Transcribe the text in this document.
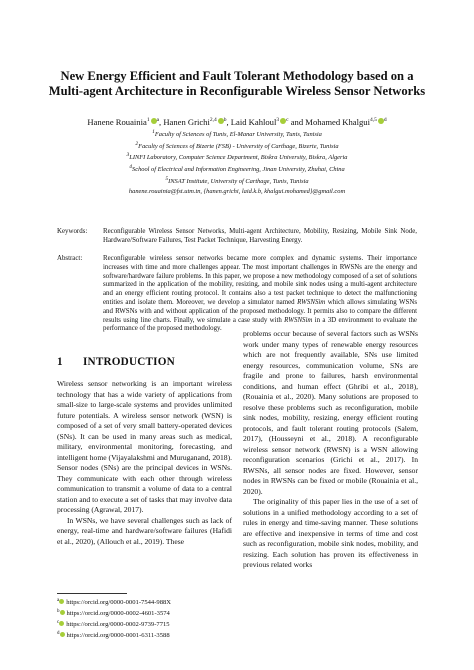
New Energy Efficient and Fault Tolerant Methodology based on a
Multi-agent Architecture in Reconfigurable Wireless Sensor Networks
Hanene Rouainia$^1$ $^a$, Hanen Grichi$^{2,4}$ $^b$, Laid Kahloul$^3$ $^c$ and Mohamed Khalgui$^{4,5}$ $^d$
$^1$Faculty of Sciences of Tunis, El-Manar University, Tunis, Tunisia
$^2$Faculty of Sciences of Bizerte (FSB) - University of Carthage, Bizerte, Tunisia
$^3$LINFI Laboratory, Computer Science Department, Biskra University, Biskra, Algeria
$^4$School of Electrical and Information Engineering, Jinan University, Zhuhai, China
$^5$INSAT Institute, University of Carthage, Tunis, Tunisia
hanene.rouainia@fst.utm.tn, {hanen.grichi, laid.k.b, khalgui.mohamed}@gmail.com
Keywords: Reconfigurable Wireless Sensor Networks, Multi-agent Architecture, Mobility, Resizing, Mobile Sink Node, Hardware/Software Failures, Test Packet Technique, Harvesting Energy.
Abstract:	Reconfigurable wireless sensor networks became more complex and dynamic systems. Their importance increases with time and more challenges appear. The most important challenges in RWSNs are the energy and software/hardware failure problems. In this paper, we propose a new methodology composed of a set of solutions summarized in the application of the mobility, resizing, and mobile sink nodes using a multi-agent architecture and an energy efficient routing protocol. It contains also a test packet technique to detect the malfunctioning entities and isolate them. Moreover, we develop a simulator named RWSNSim which allows simulating WSNs and RWSNs with and without application of the proposed methodology. It permits also to compare the different results using line charts. Finally, we simulate a case study with RWSNSim in a 3D environment to evaluate the performance of the proposed methodology.
1 INTRODUCTION

Wireless sensor networking is an important wireless technology that has a wide variety of applications from small-size to large-scale systems and provides unlimited future potentials. A wireless sensor network (WSN) is composed of a set of very small battery-operated devices (SNs). It can be used in many areas such as medical, military, environmental monitoring, forecasting, and intelligent home (Vijayalakshmi and Muruganand, 2018). Sensor nodes (SNs) are the principal devices in WSNs. They communicate with each other through wireless communication to transmit a volume of data to a central station and to execute a set of tasks that may involve data processing (Agrawal, 2017).

In WSNs, we have several challenges such as lack of energy, real-time and hardware/software failures (Hafidi et al., 2020), (Allouch et al., 2019). These

problems occur because of several factors such as WSNs work under many types of renewable energy resources which are not frequently available, SNs use limited energy resources, communication volume, SNs are fragile and prone to failures, harsh environmental conditions, and human effect (Ghribi et al., 2018), (Rouainia et al., 2020). Many solutions are proposed to resolve these problems such as reconfiguration, mobile sink nodes, mobility, resizing, energy efficient routing protocols, and fault tolerant routing protocols (Salem, 2017), (Housseyni et al., 2018). A reconfigurable wireless sensor network (RWSN) is a WSN allowing reconfiguration scenarios (Grichi et al., 2017). In RWSNs, all sensor nodes are fixed. However, sensor nodes in RWSNs can be fixed or mobile (Rouainia et al., 2020).

The originality of this paper lies in the use of a set of solutions in a unified methodology according to a set of rules in energy and time-saving manner. These solutions are effective and inexpensive in terms of time and cost such as reconfiguration, mobile sink nodes, mobility, and resizing. Each solution has proven its effectiveness in previous related works

$^a$ https://orcid.org/0000-0001-7544-988X
$^b$ https://orcid.org/0000-0002-4601-3574
$^c$ https://orcid.org/0000-0002-9739-7715
$^d$ https://orcid.org/0000-0001-6311-3588
